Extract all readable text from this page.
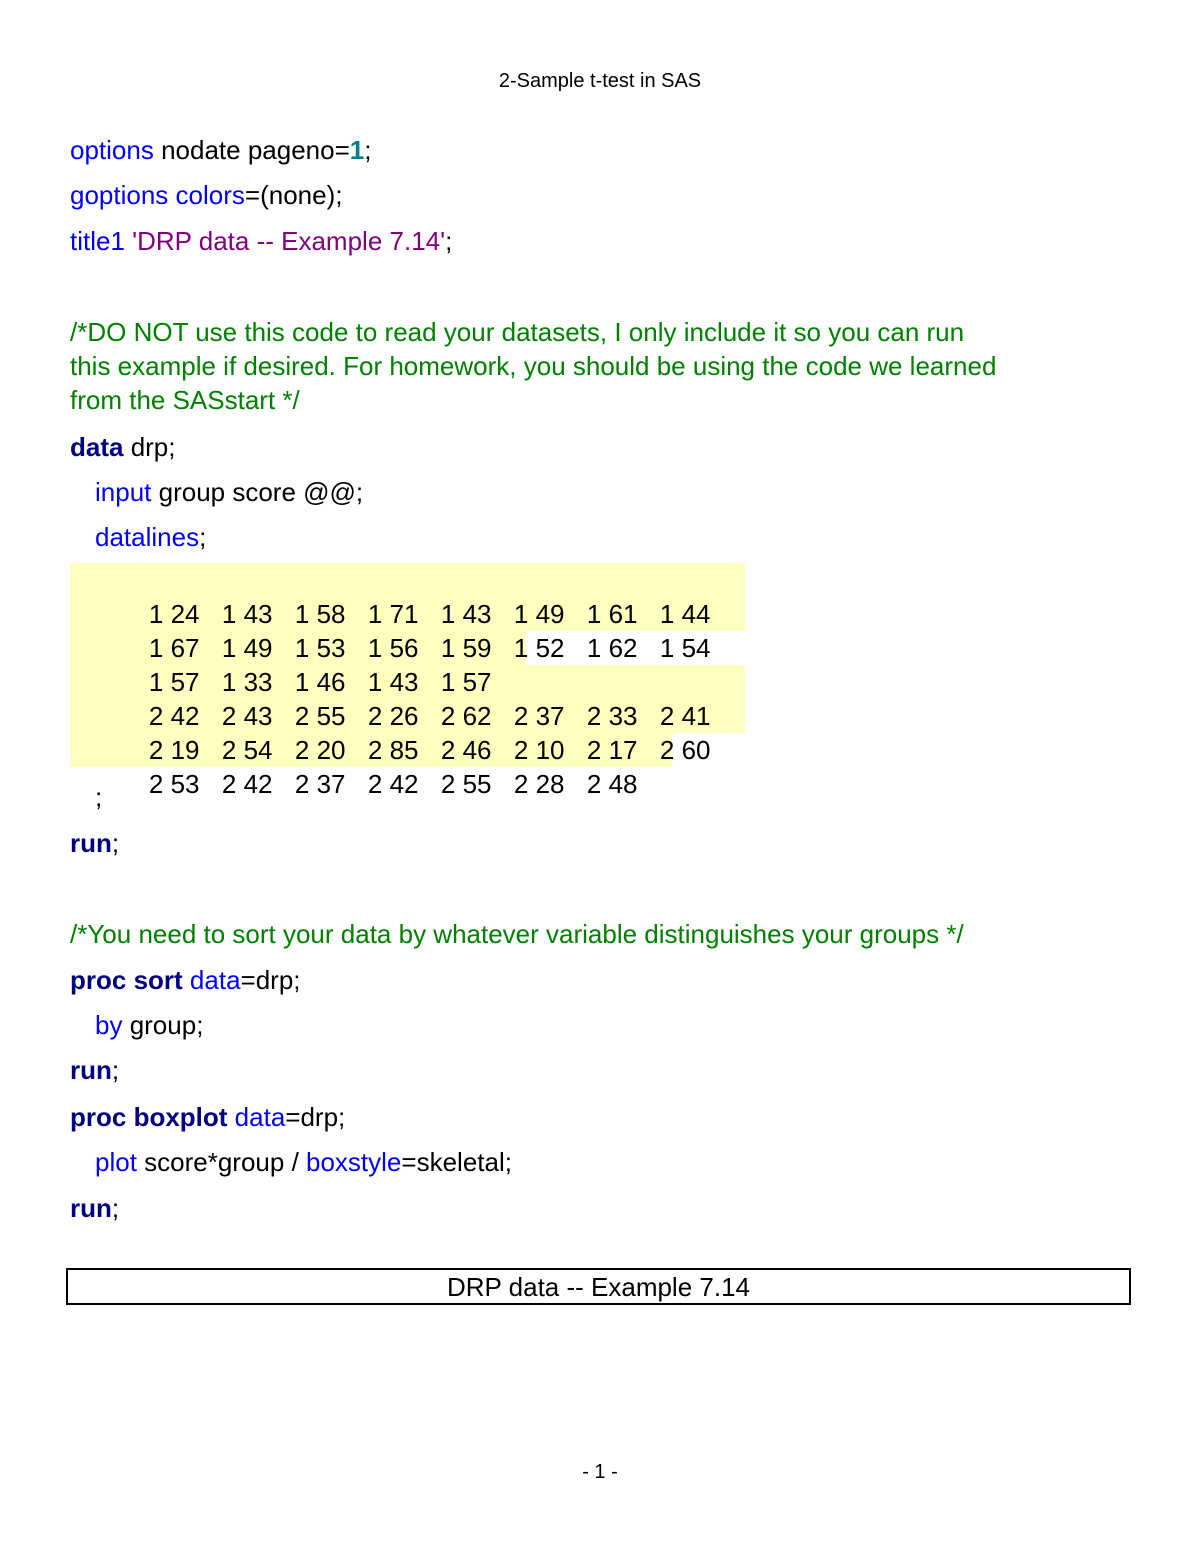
2-Sample t-test in SAS
options nodate pageno=1;
goptions colors=(none);
title1 'DRP data -- Example 7.14';
/*DO NOT use this code to read your datasets, I only include it so you can run
this example if desired. For homework, you should be using the code we learned
from the SASstart */
data drp;
input group score @@;
datalines;

1 24 1 43 1 58 1 71 1 43 1 49 1 61 1 44

1 67 1 49 1 53 1 56 1 59 1 52 1 62 1 54

1 57 1 33 1 46 1 43 1 57

2 42 2 43 2 55 2 26 2 62 2 37 2 33 2 41

2 19 2 54 2 20 2 85 2 46 2 10 2 17 2 60

2 53 2 42 2 37 2 42 2 55 2 28 2 48

;
run;
/*You need to sort your data by whatever variable distinguishes your groups */
proc sort data=drp;
by group;
run;
proc boxplot data=drp;
plot score*group / boxstyle=skeletal;
run;
DRP data -- Example 7.14
- 1 -
